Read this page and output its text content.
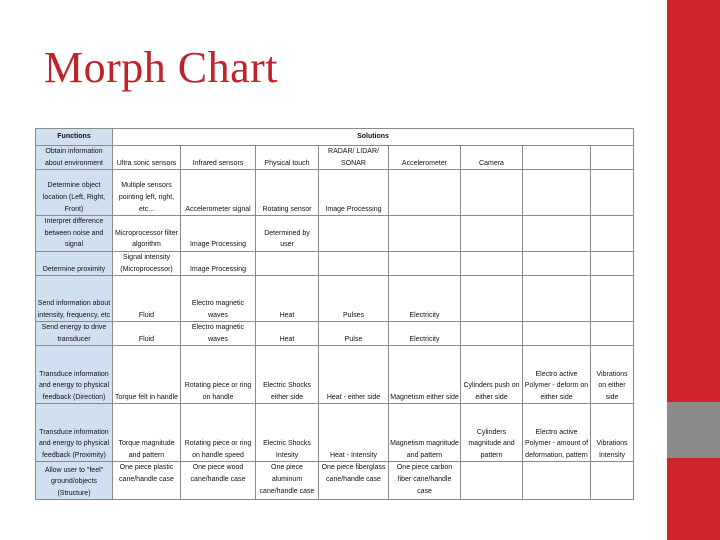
Morph Chart
Functions	Solutions							
Obtain information about environment	Ultra sonic sensors	Infrared sensors	Physical touch	RADAR/ LIDAR/ SONAR	Accelerometer	Camera		
Determine object location (Left, Right, Front)	Multiple sensors pointing left, right, etc...	Accelerometer signal	Rotating sensor	Image Processing				
Interpret difference between noise and signal	Microprocessor filter algorithm	Image Processing	Determined by user					
Determine proximity	Signal intensity (Microprocessor)	Image Processing						
Send information about intensity, frequency, etc	Fluid	Electro magnetic waves	Heat	Pulses	Electricity			
Send energy to drive transducer	Fluid	Electro magnetic waves	Heat	Pulse	Electricity			
Transduce information and energy to physical feedback (Direction)	Torque felt in handle	Rotating piece or ring on handle	Electric Shocks either side	Heat - either side	Magnetism either side	Cylinders push on either side	Electro active Polymer - deform on either side	Vibrations on either side
Transduce information and energy to physical feedback (Proximity)	Torque magnitude and pattern	Rotating piece or ring on handle speed	Electric Shocks Intesity	Heat - Intensity	Magnetism magnitude and pattern	Cylinders magnitude and pattern	Electro active Polymer - amount of deformation, pattern	Vibrations Intensity
Allow user to "feel" ground/objects (Structure)	One piece plastic cane/handle case	One piece wood cane/handle case	One piece aluminum cane/handle case	One piece fiberglass cane/handle case	One piece carbon fiber cane/handle case			
